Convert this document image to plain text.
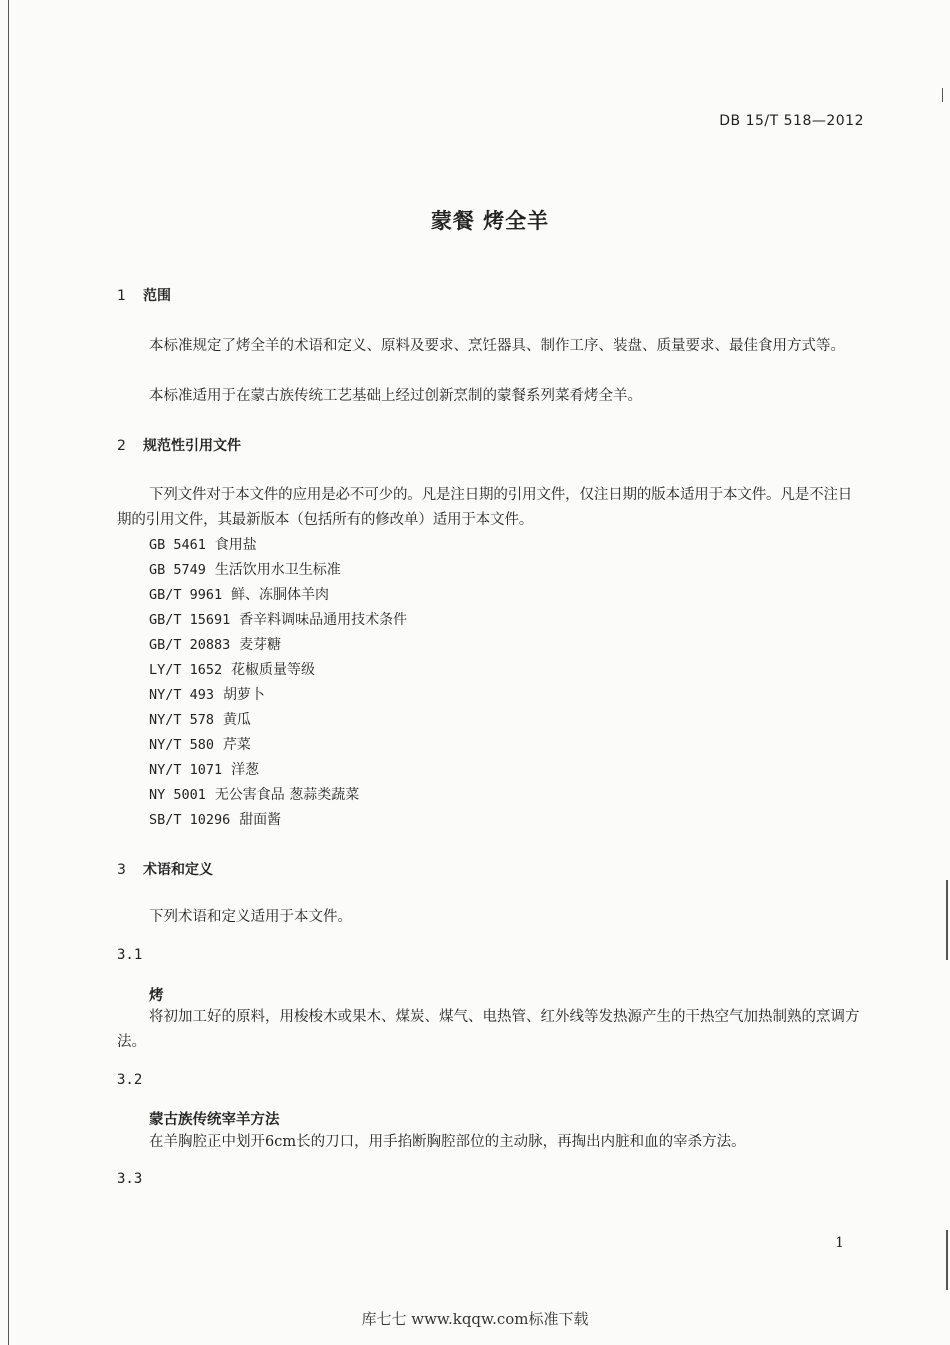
DB 15/T 518—2012
蒙餐 烤全羊
1 范围
本标准规定了烤全羊的术语和定义、原料及要求、烹饪器具、制作工序、装盘、质量要求、最佳食用方式等。
本标准适用于在蒙古族传统工艺基础上经过创新烹制的蒙餐系列菜肴烤全羊。
2 规范性引用文件
下列文件对于本文件的应用是必不可少的。凡是注日期的引用文件，仅注日期的版本适用于本文件。凡是不注日期的引用文件，其最新版本（包括所有的修改单）适用于本文件。
GB 5461 食用盐
GB 5749 生活饮用水卫生标准
GB/T 9961 鲜、冻胴体羊肉
GB/T 15691 香辛料调味品通用技术条件
GB/T 20883 麦芽糖
LY/T 1652 花椒质量等级
NY/T 493 胡萝卜
NY/T 578 黄瓜
NY/T 580 芹菜
NY/T 1071 洋葱
NY 5001 无公害食品 葱蒜类蔬菜
SB/T 10296 甜面酱
3 术语和定义
下列术语和定义适用于本文件。
3.1
烤
将初加工好的原料，用梭梭木或果木、煤炭、煤气、电热管、红外线等发热源产生的干热空气加热制熟的烹调方法。
3.2
蒙古族传统宰羊方法
在羊胸腔正中划开6cm长的刀口，用手掐断胸腔部位的主动脉，再掏出内脏和血的宰杀方法。
3.3
1
库七七 www.kqqw.com标准下载
